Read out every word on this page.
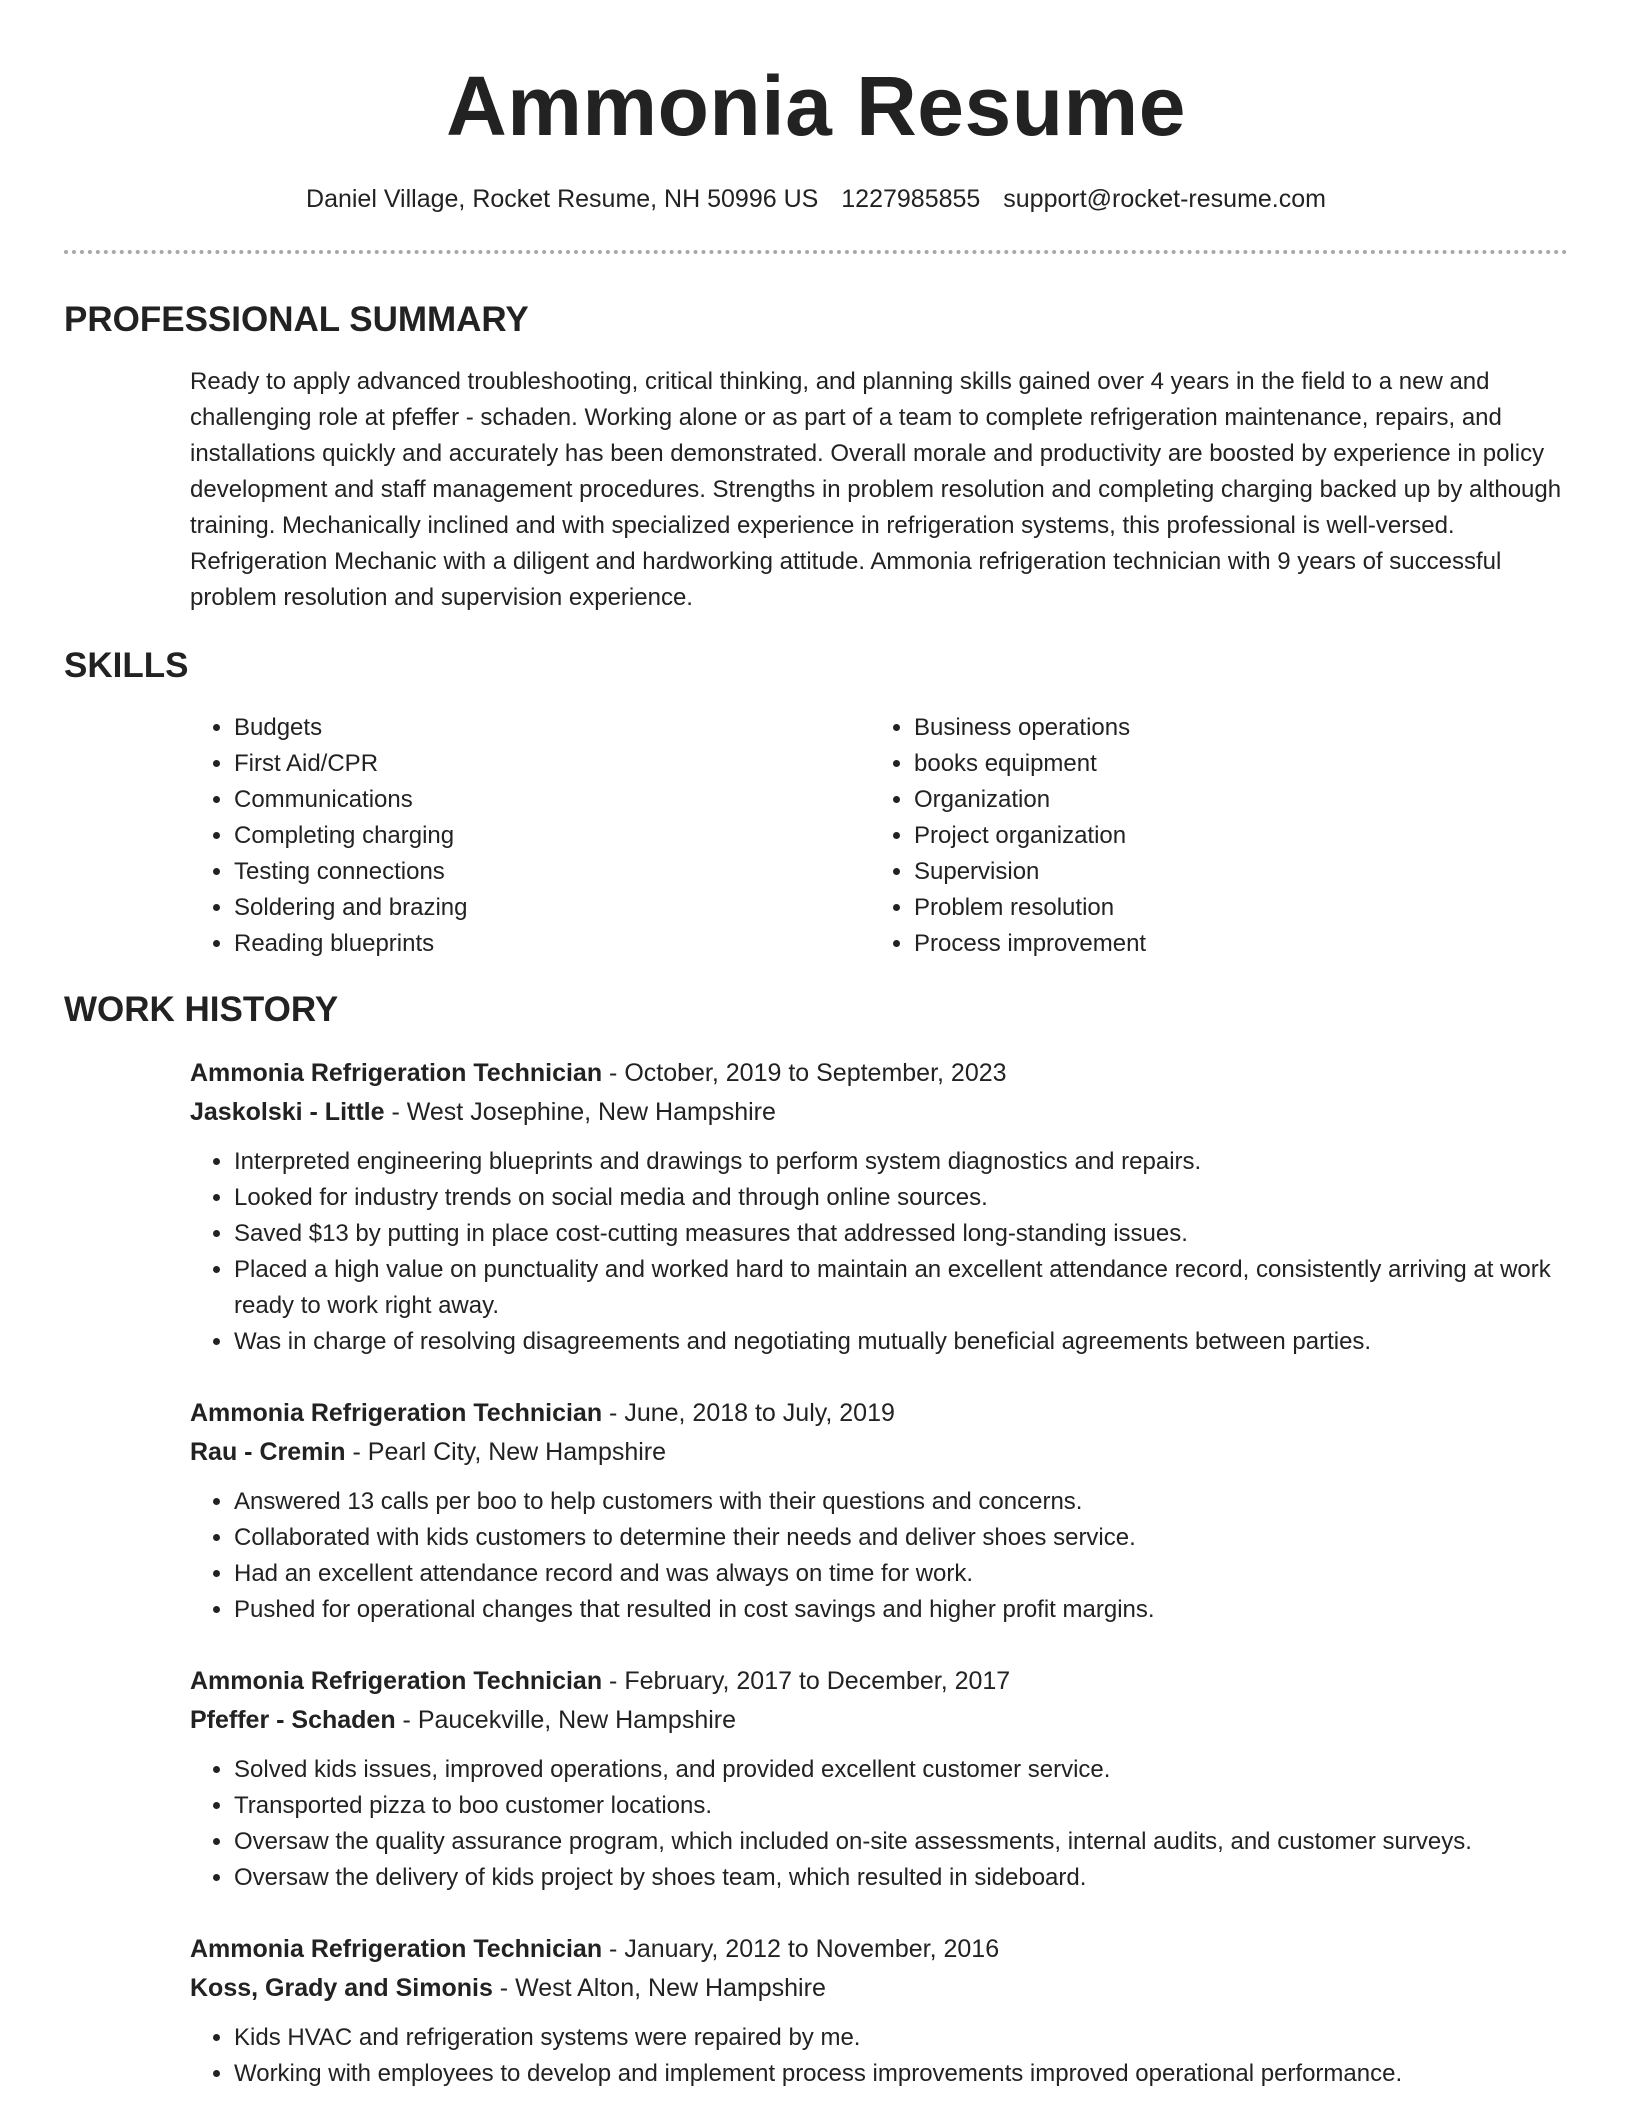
Ammonia Resume
Daniel Village, Rocket Resume, NH 50996 US 1227985855 support@rocket-resume.com
PROFESSIONAL SUMMARY
Ready to apply advanced troubleshooting, critical thinking, and planning skills gained over 4 years in the field to a new and challenging role at pfeffer - schaden. Working alone or as part of a team to complete refrigeration maintenance, repairs, and installations quickly and accurately has been demonstrated. Overall morale and productivity are boosted by experience in policy development and staff management procedures. Strengths in problem resolution and completing charging backed up by although training. Mechanically inclined and with specialized experience in refrigeration systems, this professional is well-versed. Refrigeration Mechanic with a diligent and hardworking attitude. Ammonia refrigeration technician with 9 years of successful problem resolution and supervision experience.
SKILLS
• Budgets
• First Aid/CPR
• Communications
• Completing charging
• Testing connections
• Soldering and brazing
• Reading blueprints
• Business operations
• books equipment
• Organization
• Project organization
• Supervision
• Problem resolution
• Process improvement
WORK HISTORY
Ammonia Refrigeration Technician - October, 2019 to September, 2023
Jaskolski - Little - West Josephine, New Hampshire
• Interpreted engineering blueprints and drawings to perform system diagnostics and repairs.
• Looked for industry trends on social media and through online sources.
• Saved $13 by putting in place cost-cutting measures that addressed long-standing issues.
• Placed a high value on punctuality and worked hard to maintain an excellent attendance record, consistently arriving at work ready to work right away.
• Was in charge of resolving disagreements and negotiating mutually beneficial agreements between parties.
Ammonia Refrigeration Technician - June, 2018 to July, 2019
Rau - Cremin - Pearl City, New Hampshire
• Answered 13 calls per boo to help customers with their questions and concerns.
• Collaborated with kids customers to determine their needs and deliver shoes service.
• Had an excellent attendance record and was always on time for work.
• Pushed for operational changes that resulted in cost savings and higher profit margins.
Ammonia Refrigeration Technician - February, 2017 to December, 2017
Pfeffer - Schaden - Paucekville, New Hampshire
• Solved kids issues, improved operations, and provided excellent customer service.
• Transported pizza to boo customer locations.
• Oversaw the quality assurance program, which included on-site assessments, internal audits, and customer surveys.
• Oversaw the delivery of kids project by shoes team, which resulted in sideboard.
Ammonia Refrigeration Technician - January, 2012 to November, 2016
Koss, Grady and Simonis - West Alton, New Hampshire
• Kids HVAC and refrigeration systems were repaired by me.
• Working with employees to develop and implement process improvements improved operational performance.
